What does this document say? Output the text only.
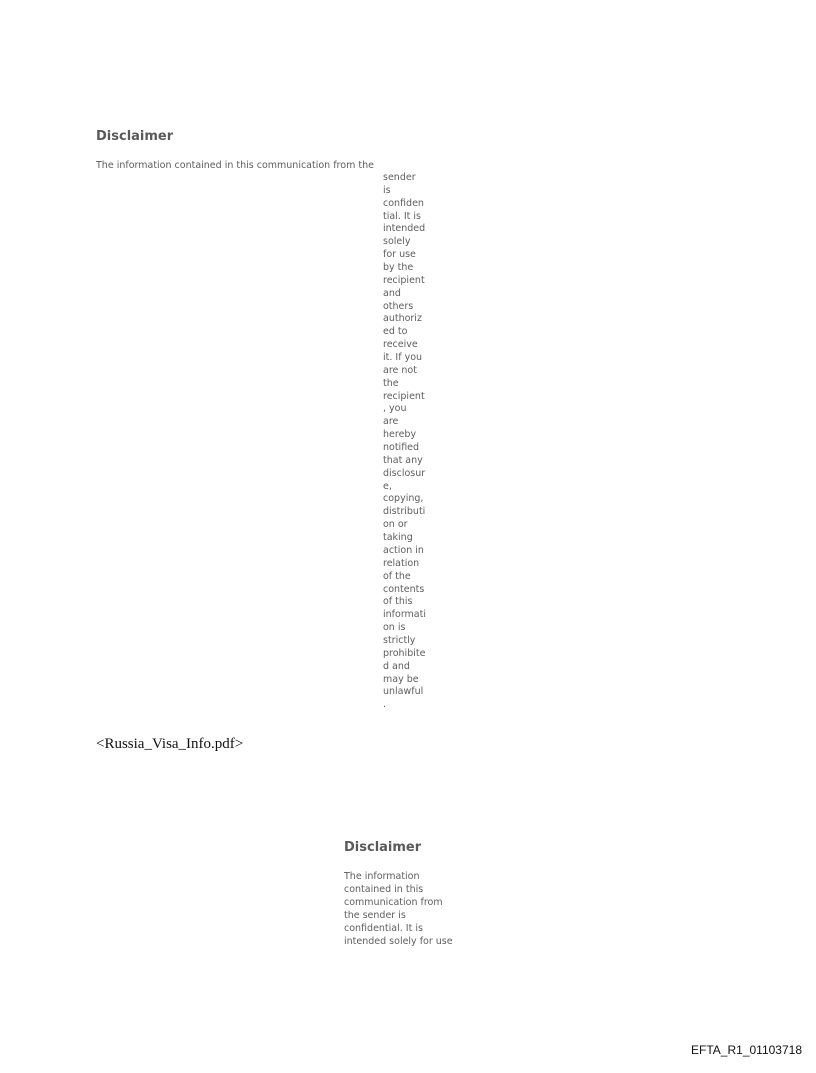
Disclaimer

The information contained in this communication from the

sender
is
confiden
tial. It is
intended
solely
for use
by the
recipient
and
others
authoriz
ed to
receive
it. If you
are not
the
recipient
, you
are
hereby
notified
that any
disclosur
e,
copying,
distributi
on or
taking
action in
relation
of the
contents
of this
informati
on is
strictly
prohibite
d and
may be
unlawful
.
<Russia_Visa_Info.pdf>
Disclaimer
The information
contained in this
communication from
the sender is
confidential. It is
intended solely for use
EFTA_R1_01103718
